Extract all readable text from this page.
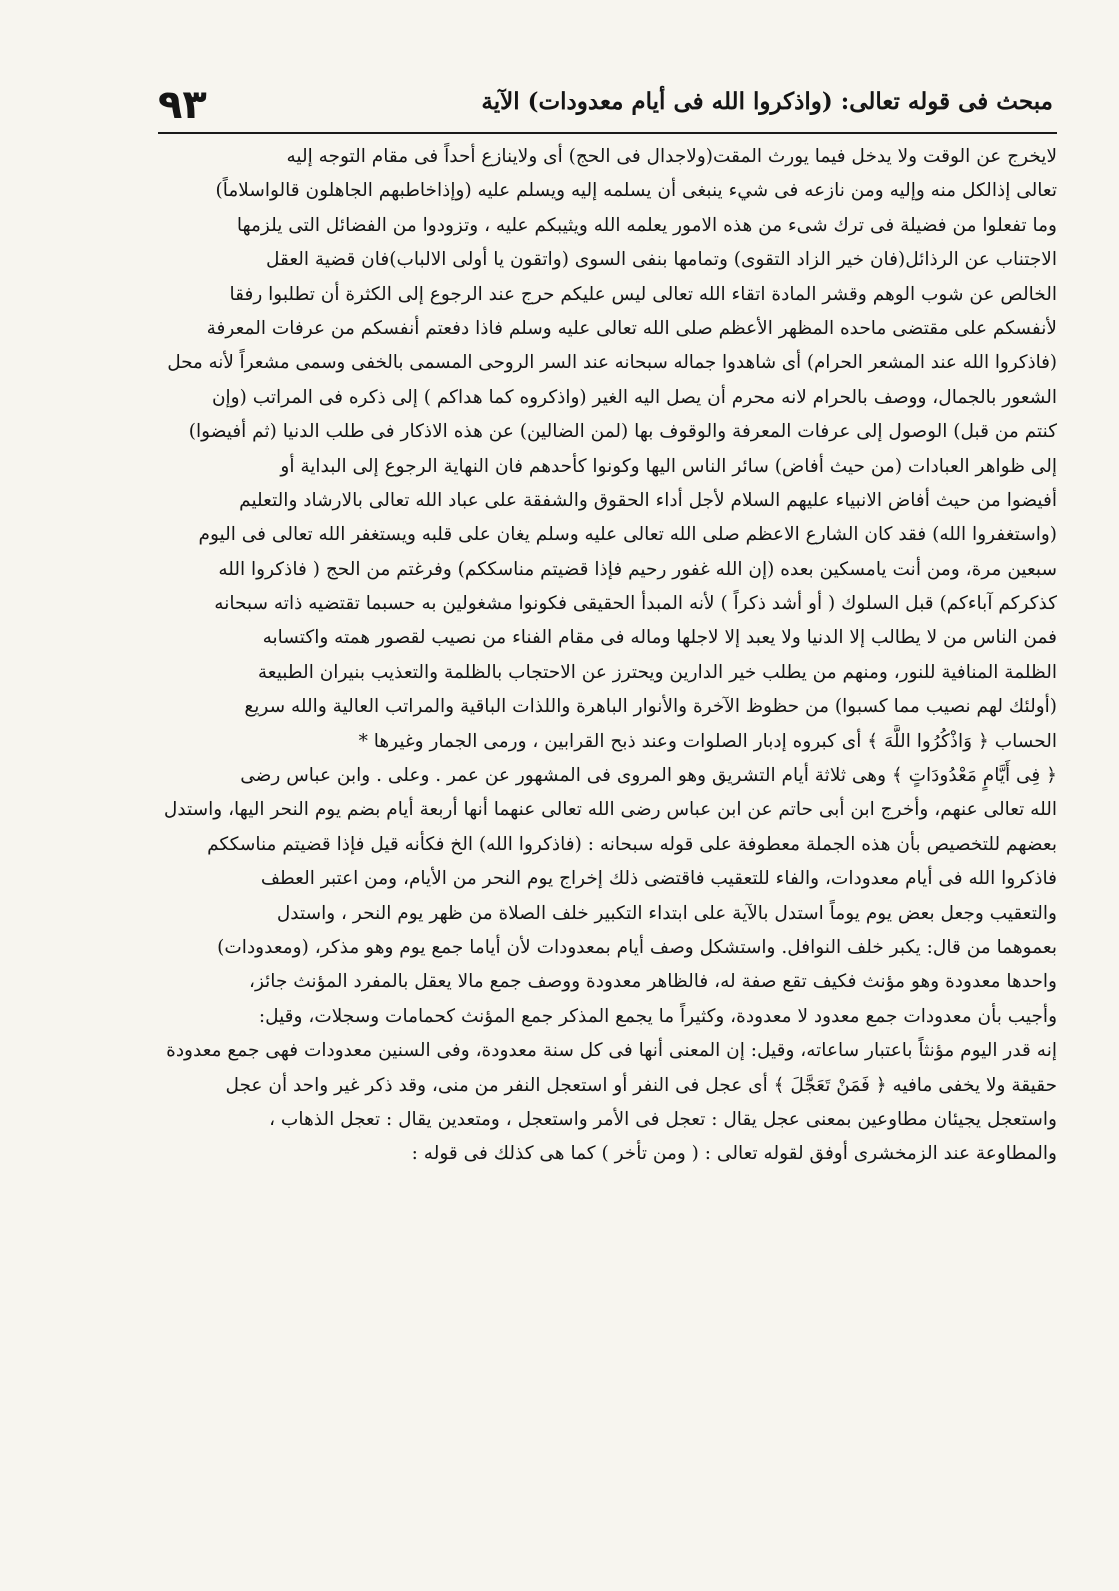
٩٣	مبحث فى قوله تعالى: (واذكروا الله فى أيام معدودات) الآية
لايخرج عن الوقت ولا يدخل فيما يورث المقت(ولاجدال فى الحج) أى ولاينازع أحداً فى مقام التوجه إليه
تعالى إذالكل منه وإليه ومن نازعه فى شيء ينبغى أن يسلمه إليه ويسلم عليه (وإذاخاطبهم الجاهلون قالواسلاماً)
وما تفعلوا من فضيلة فى ترك شىء من هذه الامور يعلمه الله ويثيبكم عليه ، وتزودوا من الفضائل التى يلزمها
الاجتناب عن الرذائل(فان خير الزاد التقوى) وتمامها بنفى السوى (واتقون يا أولى الالباب)فان قضية العقل
الخالص عن شوب الوهم وقشر المادة اتقاء الله تعالى ليس عليكم حرج عند الرجوع إلى الكثرة أن تطلبوا رفقا
لأنفسكم على مقتضى ماحده المظهر الأعظم صلى الله تعالى عليه وسلم فاذا دفعتم أنفسكم من عرفات المعرفة
(فاذكروا الله عند المشعر الحرام) أى شاهدوا جماله سبحانه عند السر الروحى المسمى بالخفى وسمى مشعراً لأنه محل
الشعور بالجمال، ووصف بالحرام لانه محرم أن يصل اليه الغير (واذكروه كما هداكم ) إلى ذكره فى المراتب (وإن
كنتم من قبل) الوصول إلى عرفات المعرفة والوقوف بها (لمن الضالين) عن هذه الاذكار فى طلب الدنيا (ثم أفيضوا)
إلى ظواهر العبادات (من حيث أفاض) سائر الناس اليها وكونوا كأحدهم فان النهاية الرجوع إلى البداية أو
أفيضوا من حيث أفاض الانبياء عليهم السلام لأجل أداء الحقوق والشفقة على عباد الله تعالى بالارشاد والتعليم
(واستغفروا الله) فقد كان الشارع الاعظم صلى الله تعالى عليه وسلم يغان على قلبه ويستغفر الله تعالى فى اليوم
سبعين مرة، ومن أنت يامسكين بعده (إن الله غفور رحيم فإذا قضيتم مناسككم) وفرغتم من الحج ( فاذكروا الله
كذكركم آباءكم) قبل السلوك ( أو أشد ذكراً ) لأنه المبدأ الحقيقى فكونوا مشغولين به حسبما تقتضيه ذاته سبحانه
فمن الناس من لا يطالب إلا الدنيا ولا يعبد إلا لاجلها وماله فى مقام الفناء من نصيب لقصور همته واكتسابه
الظلمة المنافية للنور، ومنهم من يطلب خير الدارين ويحترز عن الاحتجاب بالظلمة والتعذيب بنيران الطبيعة
(أولئك لهم نصيب مما كسبوا) من حظوظ الآخرة والأنوار الباهرة واللذات الباقية والمراتب العالية والله سريع
الحساب ﴿ وَاذْكُرُوا اللَّهَ ﴾ أى كبروه إدبار الصلوات وعند ذبح القرابين ، ورمى الجمار وغيرها *
﴿ فِى أَيَّامٍ مَعْدُودَاتٍ ﴾ وهى ثلاثة أيام التشريق وهو المروى فى المشهور عن عمر . وعلى . وابن عباس رضى
الله تعالى عنهم، وأخرج ابن أبى حاتم عن ابن عباس رضى الله تعالى عنهما أنها أربعة أيام بضم يوم النحر اليها، واستدل
بعضهم للتخصيص بأن هذه الجملة معطوفة على قوله سبحانه : (فاذكروا الله) الخ فكأنه قيل فإذا قضيتم مناسككم
فاذكروا الله فى أيام معدودات، والفاء للتعقيب فاقتضى ذلك إخراج يوم النحر من الأيام، ومن اعتبر العطف
والتعقيب وجعل بعض يوم يوماً استدل بالآية على ابتداء التكبير خلف الصلاة من ظهر يوم النحر ، واستدل
بعموهما من قال: يكبر خلف النوافل. واستشكل وصف أيام بمعدودات لأن أياما جمع يوم وهو مذكر، (ومعدودات)
واحدها معدودة وهو مؤنث فكيف تقع صفة له، فالظاهر معدودة ووصف جمع مالا يعقل بالمفرد المؤنث جائز،
وأجيب بأن معدودات جمع معدود لا معدودة، وكثيراً ما يجمع المذكر جمع المؤنث كحمامات وسجلات، وقيل:
إنه قدر اليوم مؤنثاً باعتبار ساعاته، وقيل: إن المعنى أنها فى كل سنة معدودة، وفى السنين معدودات فهى جمع معدودة
حقيقة ولا يخفى مافيه ﴿ فَمَنْ تَعَجَّلَ ﴾ أى عجل فى النفر أو استعجل النفر من منى، وقد ذكر غير واحد أن عجل
واستعجل يجيئان مطاوعين بمعنى عجل يقال : تعجل فى الأمر واستعجل ، ومتعدين يقال : تعجل الذهاب ،
والمطاوعة عند الزمخشرى أوفق لقوله تعالى : ( ومن تأخر ) كما هى كذلك فى قوله :
